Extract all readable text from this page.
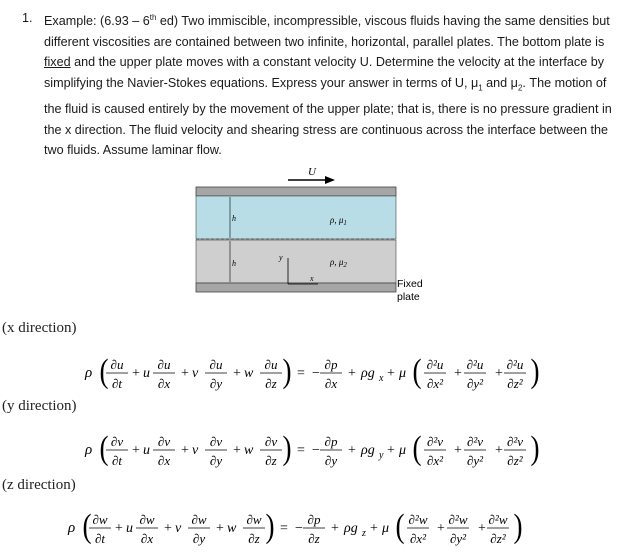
1. Example: (6.93 – 6th ed) Two immiscible, incompressible, viscous fluids having the same densities but different viscosities are contained between two infinite, horizontal, parallel plates. The bottom plate is fixed and the upper plate moves with a constant velocity U. Determine the velocity at the interface by simplifying the Navier-Stokes equations. Express your answer in terms of U, $\mu_1$ and $\mu_2$. The motion of the fluid is caused entirely by the movement of the upper plate; that is, there is no pressure gradient in the x direction. The fluid velocity and shearing stress are continuous across the interface between the two fluids. Assume laminar flow.
U
h
h
y
x
ρ, $\mu_1$
ρ, $\mu_2$
Fixed
plate
(x direction)
(y direction)
(z direction)
ρ ( ∂u
∂t
+ u
∂u
∂x
+ v
∂u
∂y
+ w
∂u
∂z ) = −
∂p
∂x
+ ρg x + μ ( ∂²u
∂x²
+
∂²u
∂y²
+
∂²u
∂z² )
ρ ( ∂v
∂t
+ u
∂v
∂x
+ v
∂v
∂y
+ w
∂v
∂z ) = −
∂p
∂y
+ ρg y + μ ( ∂²v
∂x²
+
∂²v
∂y²
+
∂²v
∂z² )
ρ ( ∂w
∂t
+ u
∂w
∂x
+ v
∂w
∂y
+ w
∂w
∂z ) = −
∂p
∂z
+ ρg z + μ ( ∂²w
∂x²
+
∂²w
∂y²
+
∂²w
∂z² )
